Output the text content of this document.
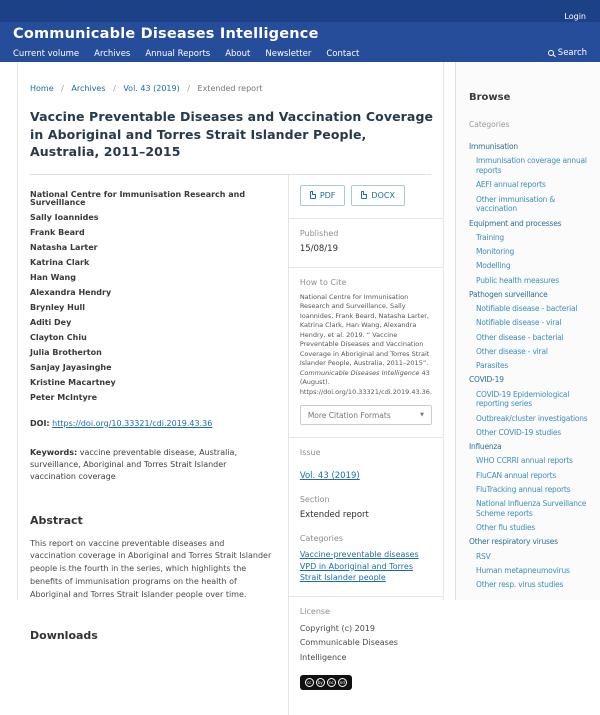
Login
Communicable Diseases Intelligence
Current volume Archives Annual Reports About Newsletter Contact	Search
Home / Archives / Vol. 43 (2019) / Extended report
Vaccine Preventable Diseases and Vaccination Coverage in Aboriginal and Torres Strait Islander People, Australia, 2011–2015
National Centre for Immunisation Research and Surveillance
Sally Ioannides
Frank Beard
Natasha Larter
Katrina Clark
Han Wang
Alexandra Hendry
Brynley Hull
Aditi Dey
Clayton Chiu
Julia Brotherton
Sanjay Jayasinghe
Kristine Macartney
Peter McIntyre

DOI: https://doi.org/10.33321/cdi.2019.43.36

Keywords: vaccine preventable disease, Australia, surveillance, Aboriginal and Torres Strait Islander vaccination coverage

Abstract

This report on vaccine preventable diseases and vaccination coverage in Aboriginal and Torres Strait Islander people is the fourth in the series, which highlights the benefits of immunisation programs on the health of Aboriginal and Torres Strait Islander people over time.

Downloads
PDF	DOCX
Published
15/08/19
How to Cite

National Centre for Immunisation Research and Surveillance, Sally Ioannides, Frank Beard, Natasha Larter, Katrina Clark, Han Wang, Alexandra Hendry, et al. 2019. “ Vaccine Preventable Diseases and Vaccination Coverage in Aboriginal and Torres Strait Islander People, Australia, 2011–2015”. Communicable Diseases Intelligence 43 (August). https://doi.org/10.33321/cdi.2019.43.36.

More Citation Formats	▼
Issue
Vol. 43 (2019)
Section
Extended report
Categories
Vaccine-preventable diseases
VPD in Aboriginal and Torres Strait Islander people
License

Copyright (c) 2019 Communicable Diseases Intelligence

cc	by	nc	nd
Browse
Categories
Immunisation
Immunisation coverage annual reports
AEFI annual reports
Other immunisation & vaccination
Equipment and processes
Training
Monitoring
Modelling
Public health measures
Pathogen surveillance
Notifiable disease - bacterial
Notifiable disease - viral
Other disease - bacterial
Other disease - viral
Parasites
COVID-19
COVID-19 Epidemiological reporting series
Outbreak/cluster investigations
Other COVID-19 studies
Influenza
WHO CCRRI annual reports
FluCAN annual reports
FluTracking annual reports
National Influenza Surveillance Scheme reports
Other flu studies
Other respiratory viruses
RSV
Human metapneumovirus
Other resp. virus studies
